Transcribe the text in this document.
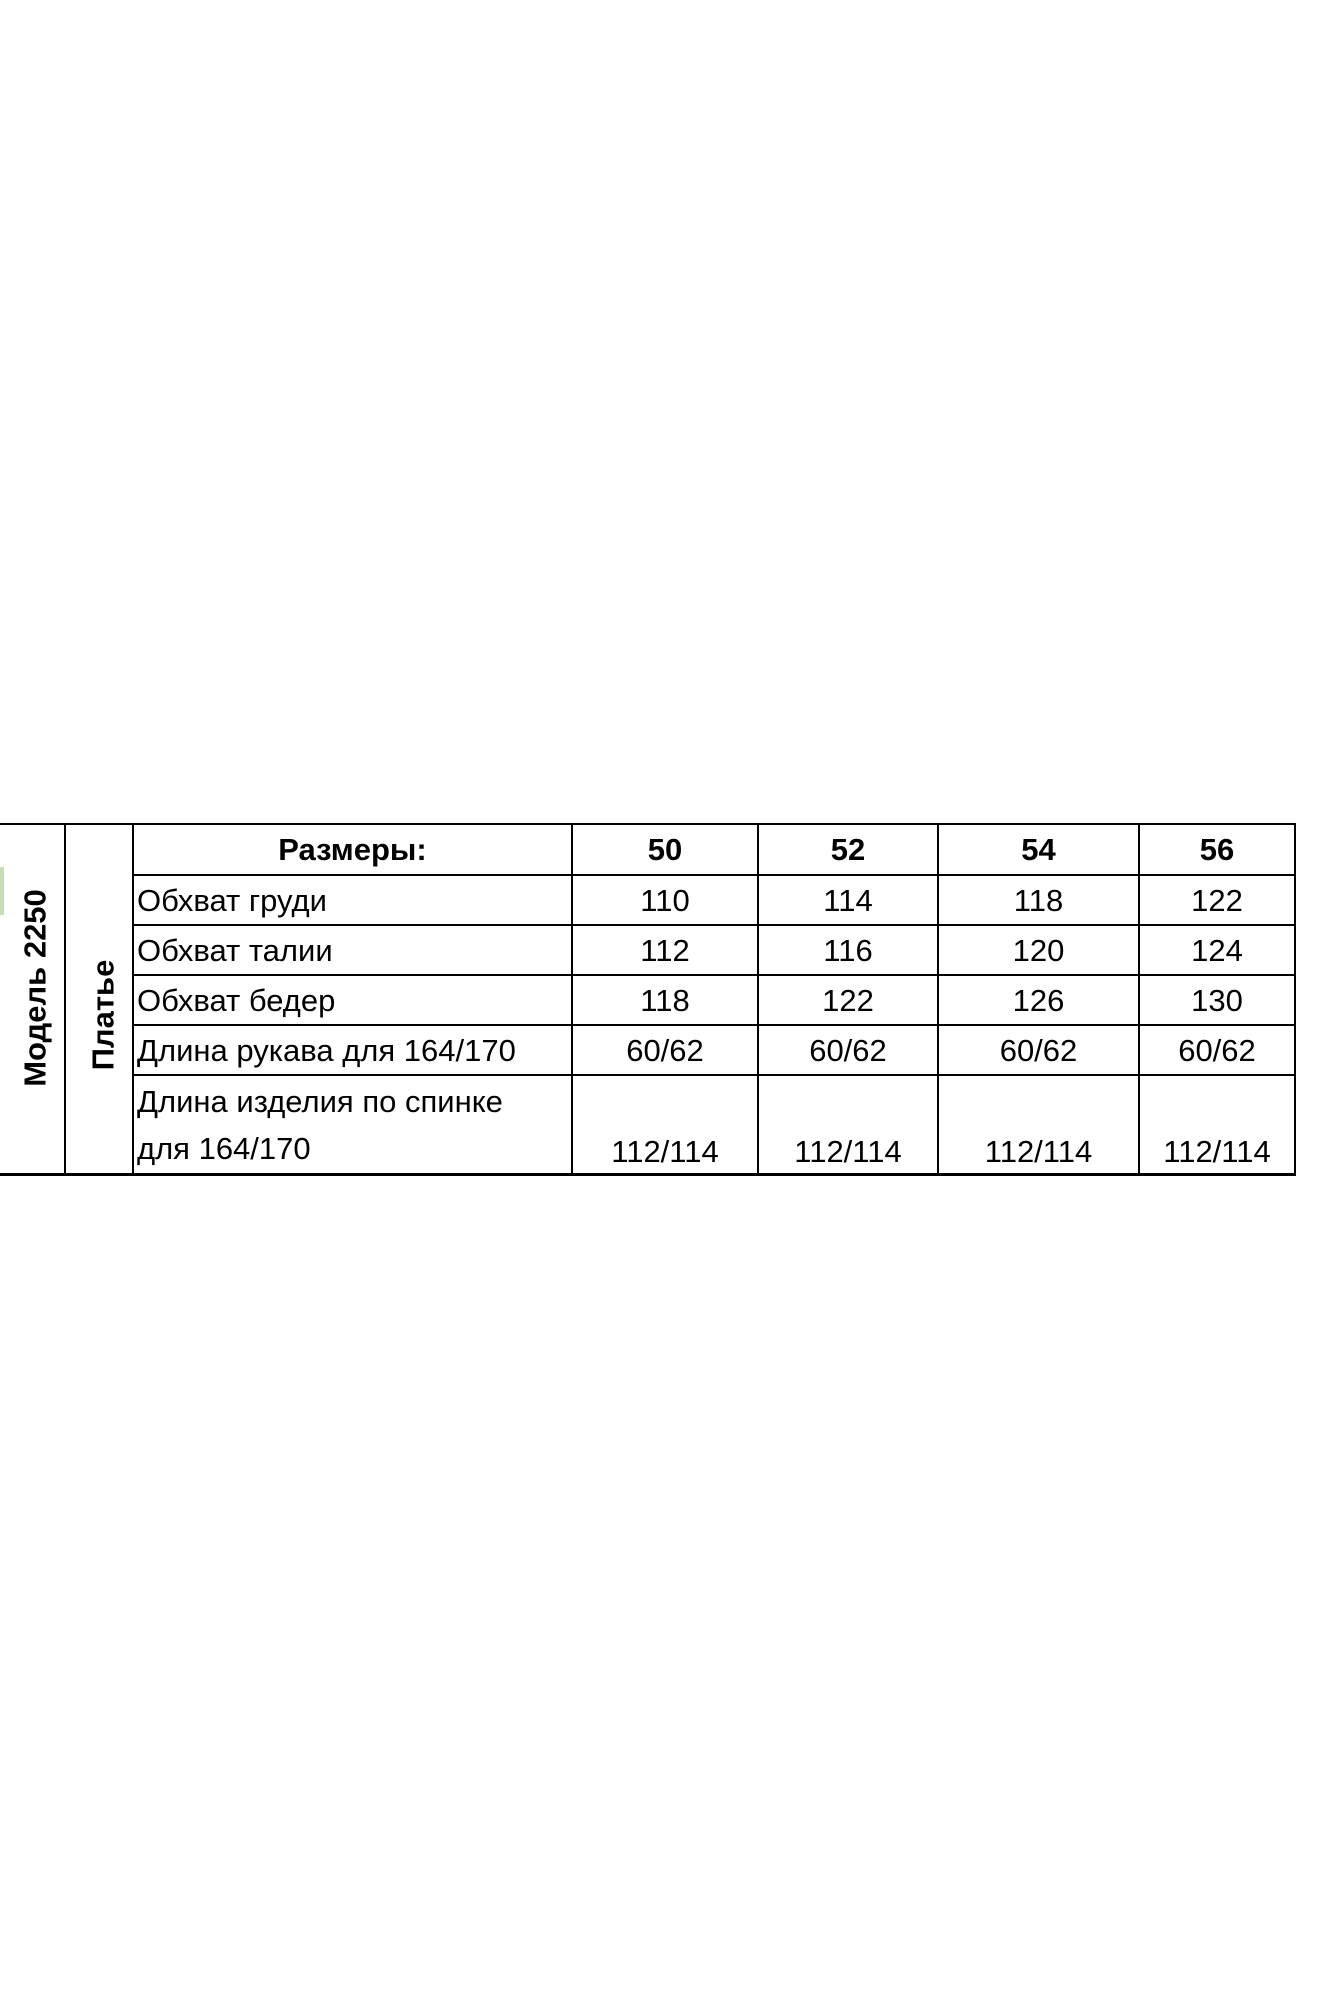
Модель 2250 Платье
Размеры:	50	52	54	56
Обхват груди	110	114	118	122
Обхват талии	112	116	120	124
Обхват бедер	118	122	126	130
Длина рукава для 164/170	60/62	60/62	60/62	60/62
Длина изделия по спинке
для 164/170	112/114	112/114	112/114	112/114
